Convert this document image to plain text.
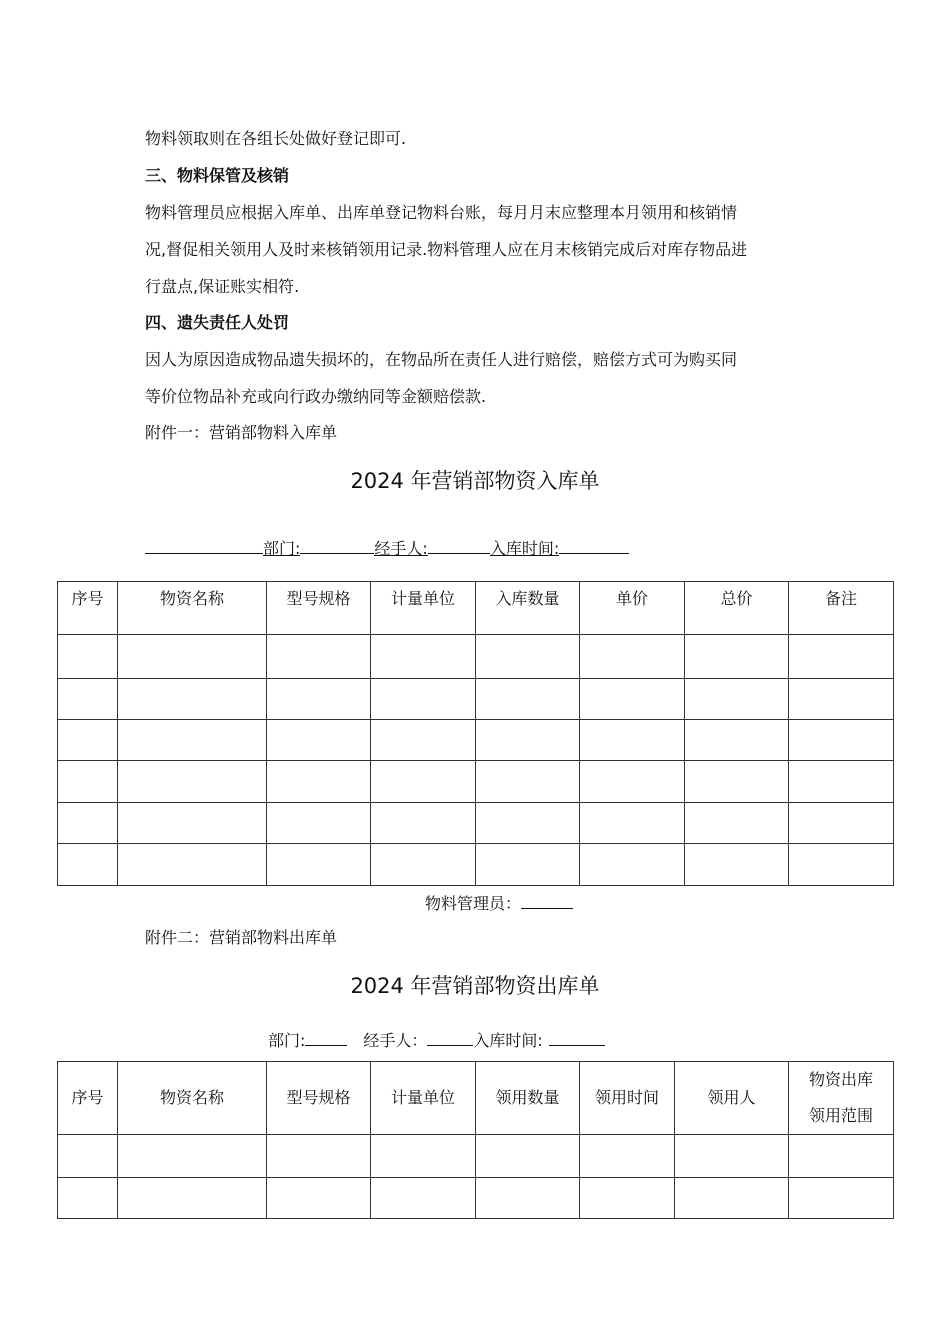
物料领取则在各组长处做好登记即可.

三、物料保管及核销

物料管理员应根据入库单、出库单登记物料台账，每月月末应整理本月领用和核销情

况,督促相关领用人及时来核销领用记录.物料管理人应在月末核销完成后对库存物品进

行盘点,保证账实相符.

四、遗失责任人处罚

因人为原因造成物品遗失损坏的，在物品所在责任人进行赔偿，赔偿方式可为购买同

等价位物品补充或向行政办缴纳同等金额赔偿款.

附件一：营销部物料入库单

2024 年营销部物资入库单

部门:	经手人:	入库时间:
序号	物资名称	型号规格	计量单位	入库数量	单价	总价	备注

物料管理员：

附件二：营销部物料出库单

2024 年营销部物资出库单

部门:	经手人：	入库时间:
序号	物资名称	型号规格	计量单位	领用数量	领用时间	领用人	物资出库
领用范围
